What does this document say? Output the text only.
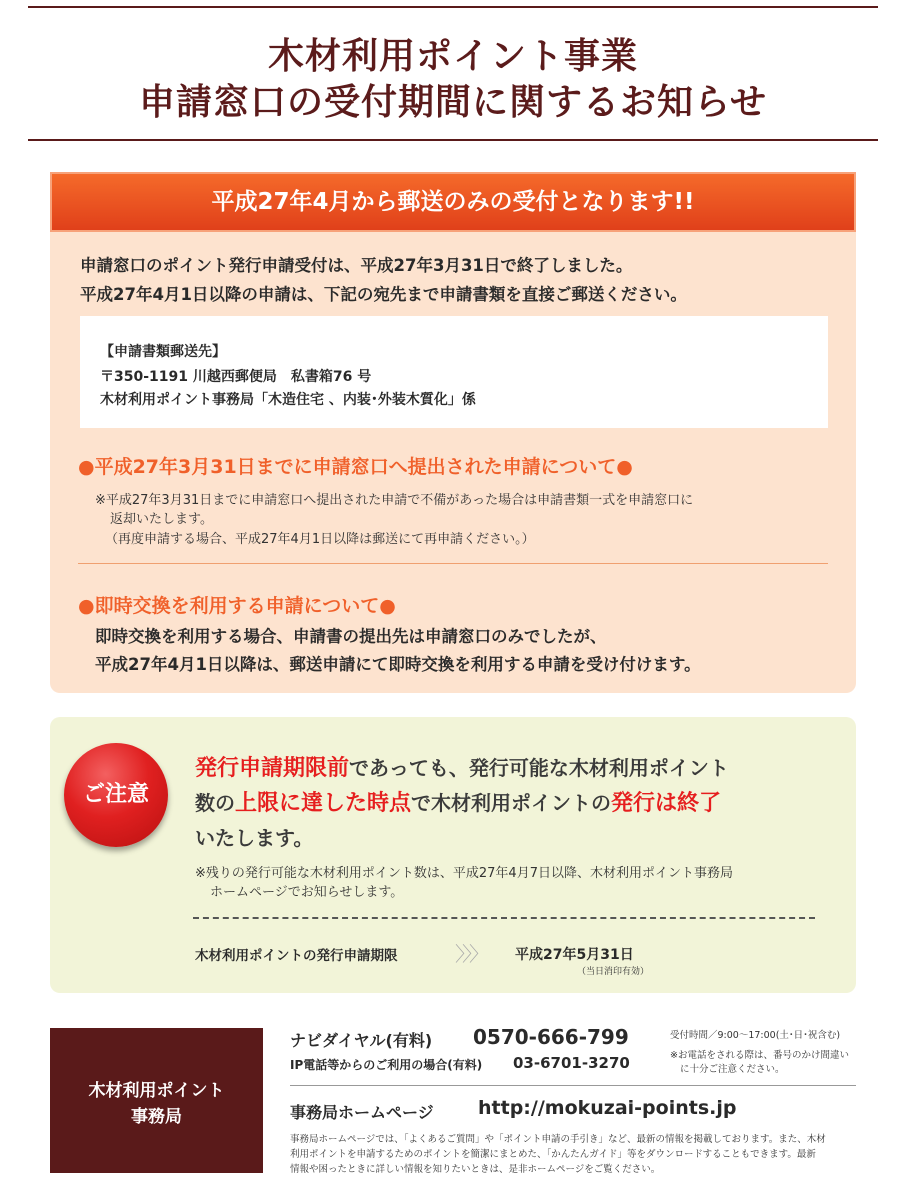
木材利用ポイント事業
申請窓口の受付期間に関するお知らせ
平成27年4月から郵送のみの受付となります!!
申請窓口のポイント発行申請受付は、平成27年3月31日で終了しました。
平成27年4月1日以降の申請は、下記の宛先まで申請書類を直接ご郵送ください。
【申請書類郵送先】
〒350-1191 川越西郵便局　私書箱76 号
木材利用ポイント事務局「木造住宅 、内装･外装木質化」係
●平成27年3月31日までに申請窓口へ提出された申請について●
※平成27年3月31日までに申請窓口へ提出された申請で不備があった場合は申請書類一式を申請窓口に
返却いたします。
（再度申請する場合、平成27年4月1日以降は郵送にて再申請ください。）
●即時交換を利用する申請について●
即時交換を利用する場合、申請書の提出先は申請窓口のみでしたが、
平成27年4月1日以降は、郵送申請にて即時交換を利用する申請を受け付けます。
ご注意
発行申請期限前であっても、発行可能な木材利用ポイント
数の上限に達した時点で木材利用ポイントの発行は終了
いたします。
※残りの発行可能な木材利用ポイント数は、平成27年4月7日以降、木材利用ポイント事務局
ホームページでお知らせします。
木材利用ポイントの発行申請期限	〉〉〉 平成27年5月31日
（当日消印有効）
木材利用ポイント
事務局
ナビダイヤル(有料) 0570-666-799
IP電話等からのご利用の場合(有料) 03-6701-3270
受付時間／9:00〜17:00(土･日･祝含む)
※お電話をされる際は、番号のかけ間違い
に十分ご注意ください。
事務局ホームページ http://mokuzai-points.jp
事務局ホームページでは、「よくあるご質問」や「ポイント申請の手引き」など、最新の情報を掲載しております。また、木材
利用ポイントを申請するためのポイントを簡潔にまとめた、「かんたんガイド」等をダウンロードすることもできます。最新
情報や困ったときに詳しい情報を知りたいときは、是非ホームページをご覧ください。
